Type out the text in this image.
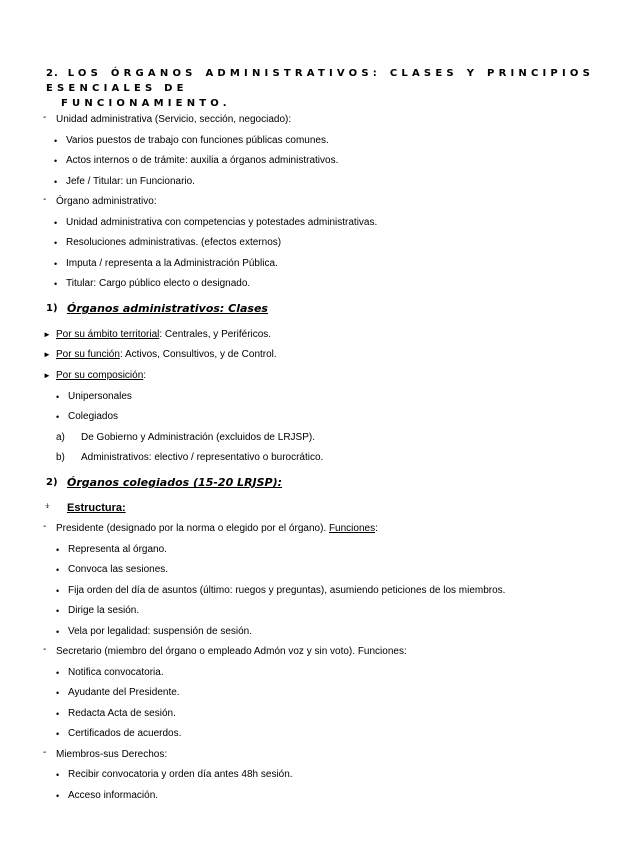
2. LOS ÓRGANOS ADMINISTRATIVOS: CLASES Y PRINCIPIOS ESENCIALES DE
FUNCIONAMIENTO.
- Unidad administrativa (Servicio, sección, negociado):
• Varios puestos de trabajo con funciones públicas comunes.
• Actos internos o de trámite: auxilia a órganos administrativos.
• Jefe / Titular: un Funcionario.
- Órgano administrativo:
• Unidad administrativa con competencias y potestades administrativas.
• Resoluciones administrativas. (efectos externos)
• Imputa / representa a la Administración Pública.
• Titular: Cargo público electo o designado.
1) Órganos administrativos: Clases
► Por su ámbito territorial: Centrales, y Periféricos.
► Por su función: Activos, Consultivos, y de Control.
► Por su composición:
• Unipersonales
• Colegiados
a) De Gobierno y Administración (excluidos de LRJSP).
b) Administrativos: electivo / representativo o burocrático.
2) Órganos colegiados (15-20 LRJSP):
⍖ Estructura:
- Presidente (designado por la norma o elegido por el órgano). Funciones:
• Representa al órgano.
• Convoca las sesiones.
• Fija orden del día de asuntos (último: ruegos y preguntas), asumiendo peticiones de los miembros.
• Dirige la sesión.
• Vela por legalidad: suspensión de sesión.
- Secretario (miembro del órgano o empleado Admón voz y sin voto). Funciones:
• Notifica convocatoria.
• Ayudante del Presidente.
• Redacta Acta de sesión.
• Certificados de acuerdos.
- Miembros-sus Derechos:
• Recibir convocatoria y orden día antes 48h sesión.
• Acceso información.
